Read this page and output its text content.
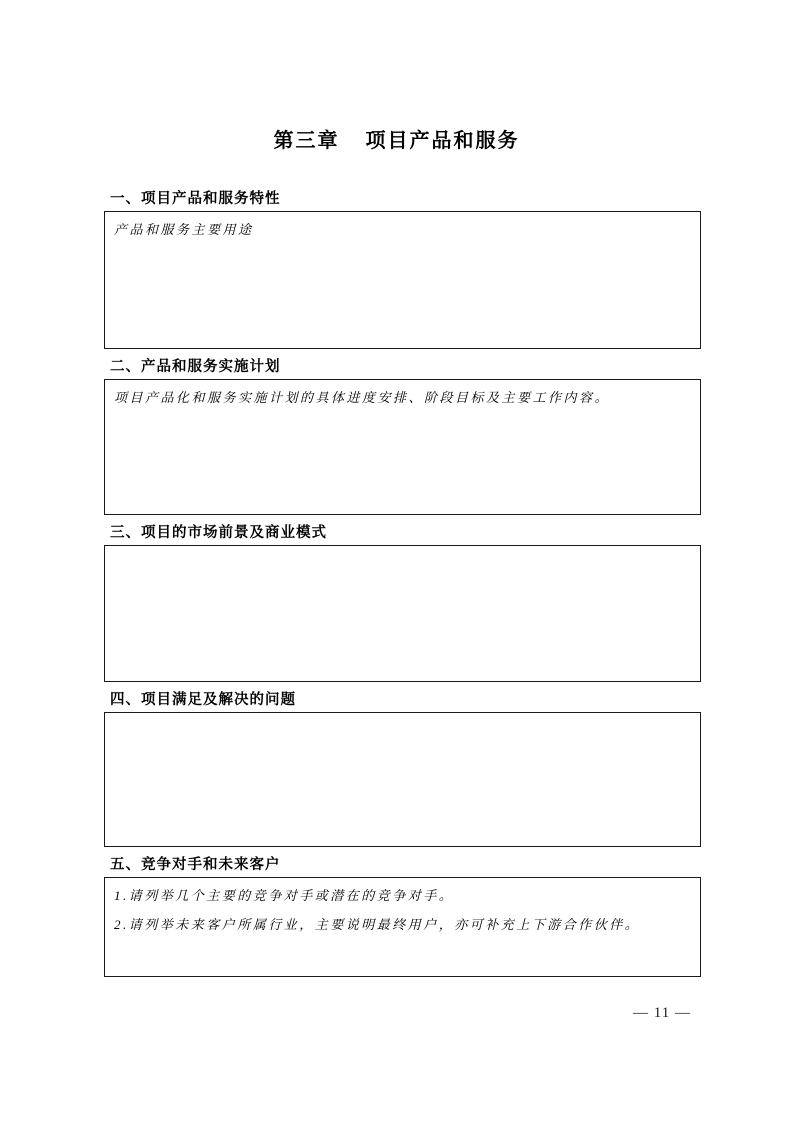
第三章 项目产品和服务
一、项目产品和服务特性
产品和服务主要用途
二、产品和服务实施计划
项目产品化和服务实施计划的具体进度安排、阶段目标及主要工作内容。
三、项目的市场前景及商业模式
四、项目满足及解决的问题
五、竞争对手和未来客户
1.请列举几个主要的竞争对手或潜在的竞争对手。
2.请列举未来客户所属行业，主要说明最终用户，亦可补充上下游合作伙伴。
— 11 —
